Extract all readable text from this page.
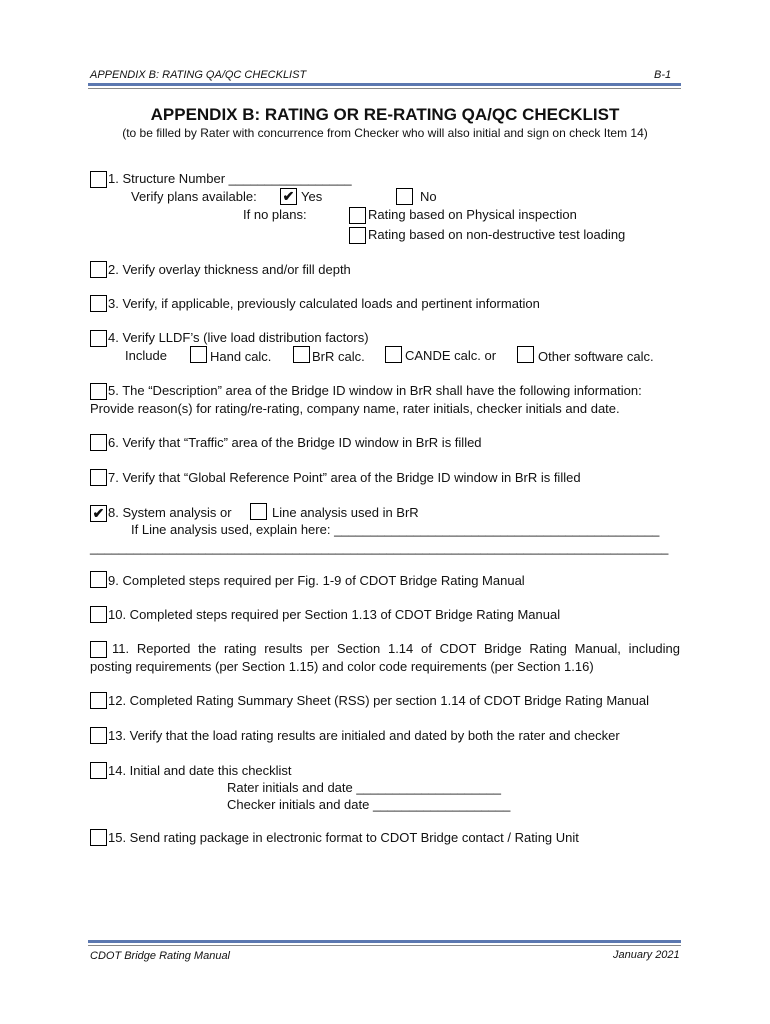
APPENDIX B: RATING QA/QC CHECKLIST	B-1
APPENDIX B: RATING OR RE-RATING QA/QC CHECKLIST
(to be filled by Rater with concurrence from Checker who will also initial and sign on check Item 14)
1. Structure Number _________________
Verify plans available: ✔ Yes	No
If no plans:	Rating based on Physical inspection
Rating based on non-destructive test loading
2. Verify overlay thickness and/or fill depth
3. Verify, if applicable, previously calculated loads and pertinent information
4. Verify LLDF’s (live load distribution factors)
Include	Hand calc.	BrR calc.	CANDE calc. or	Other software calc.
5. The “Description” area of the Bridge ID window in BrR shall have the following information:
Provide reason(s) for rating/re-rating, company name, rater initials, checker initials and date.
6. Verify that “Traffic” area of the Bridge ID window in BrR is filled
7. Verify that “Global Reference Point” area of the Bridge ID window in BrR is filled
✔ 8. System analysis or	Line analysis used in BrR
If Line analysis used, explain here: _____________________________________________
________________________________________________________________________________
9. Completed steps required per Fig. 1-9 of CDOT Bridge Rating Manual
10. Completed steps required per Section 1.13 of CDOT Bridge Rating Manual
11. Reported the rating results per Section 1.14 of CDOT Bridge Rating Manual, including
posting requirements (per Section 1.15) and color code requirements (per Section 1.16)
12. Completed Rating Summary Sheet (RSS) per section 1.14 of CDOT Bridge Rating Manual
13. Verify that the load rating results are initialed and dated by both the rater and checker
14. Initial and date this checklist
Rater initials and date ____________________
Checker initials and date ___________________
15. Send rating package in electronic format to CDOT Bridge contact / Rating Unit
CDOT Bridge Rating Manual	January 2021
